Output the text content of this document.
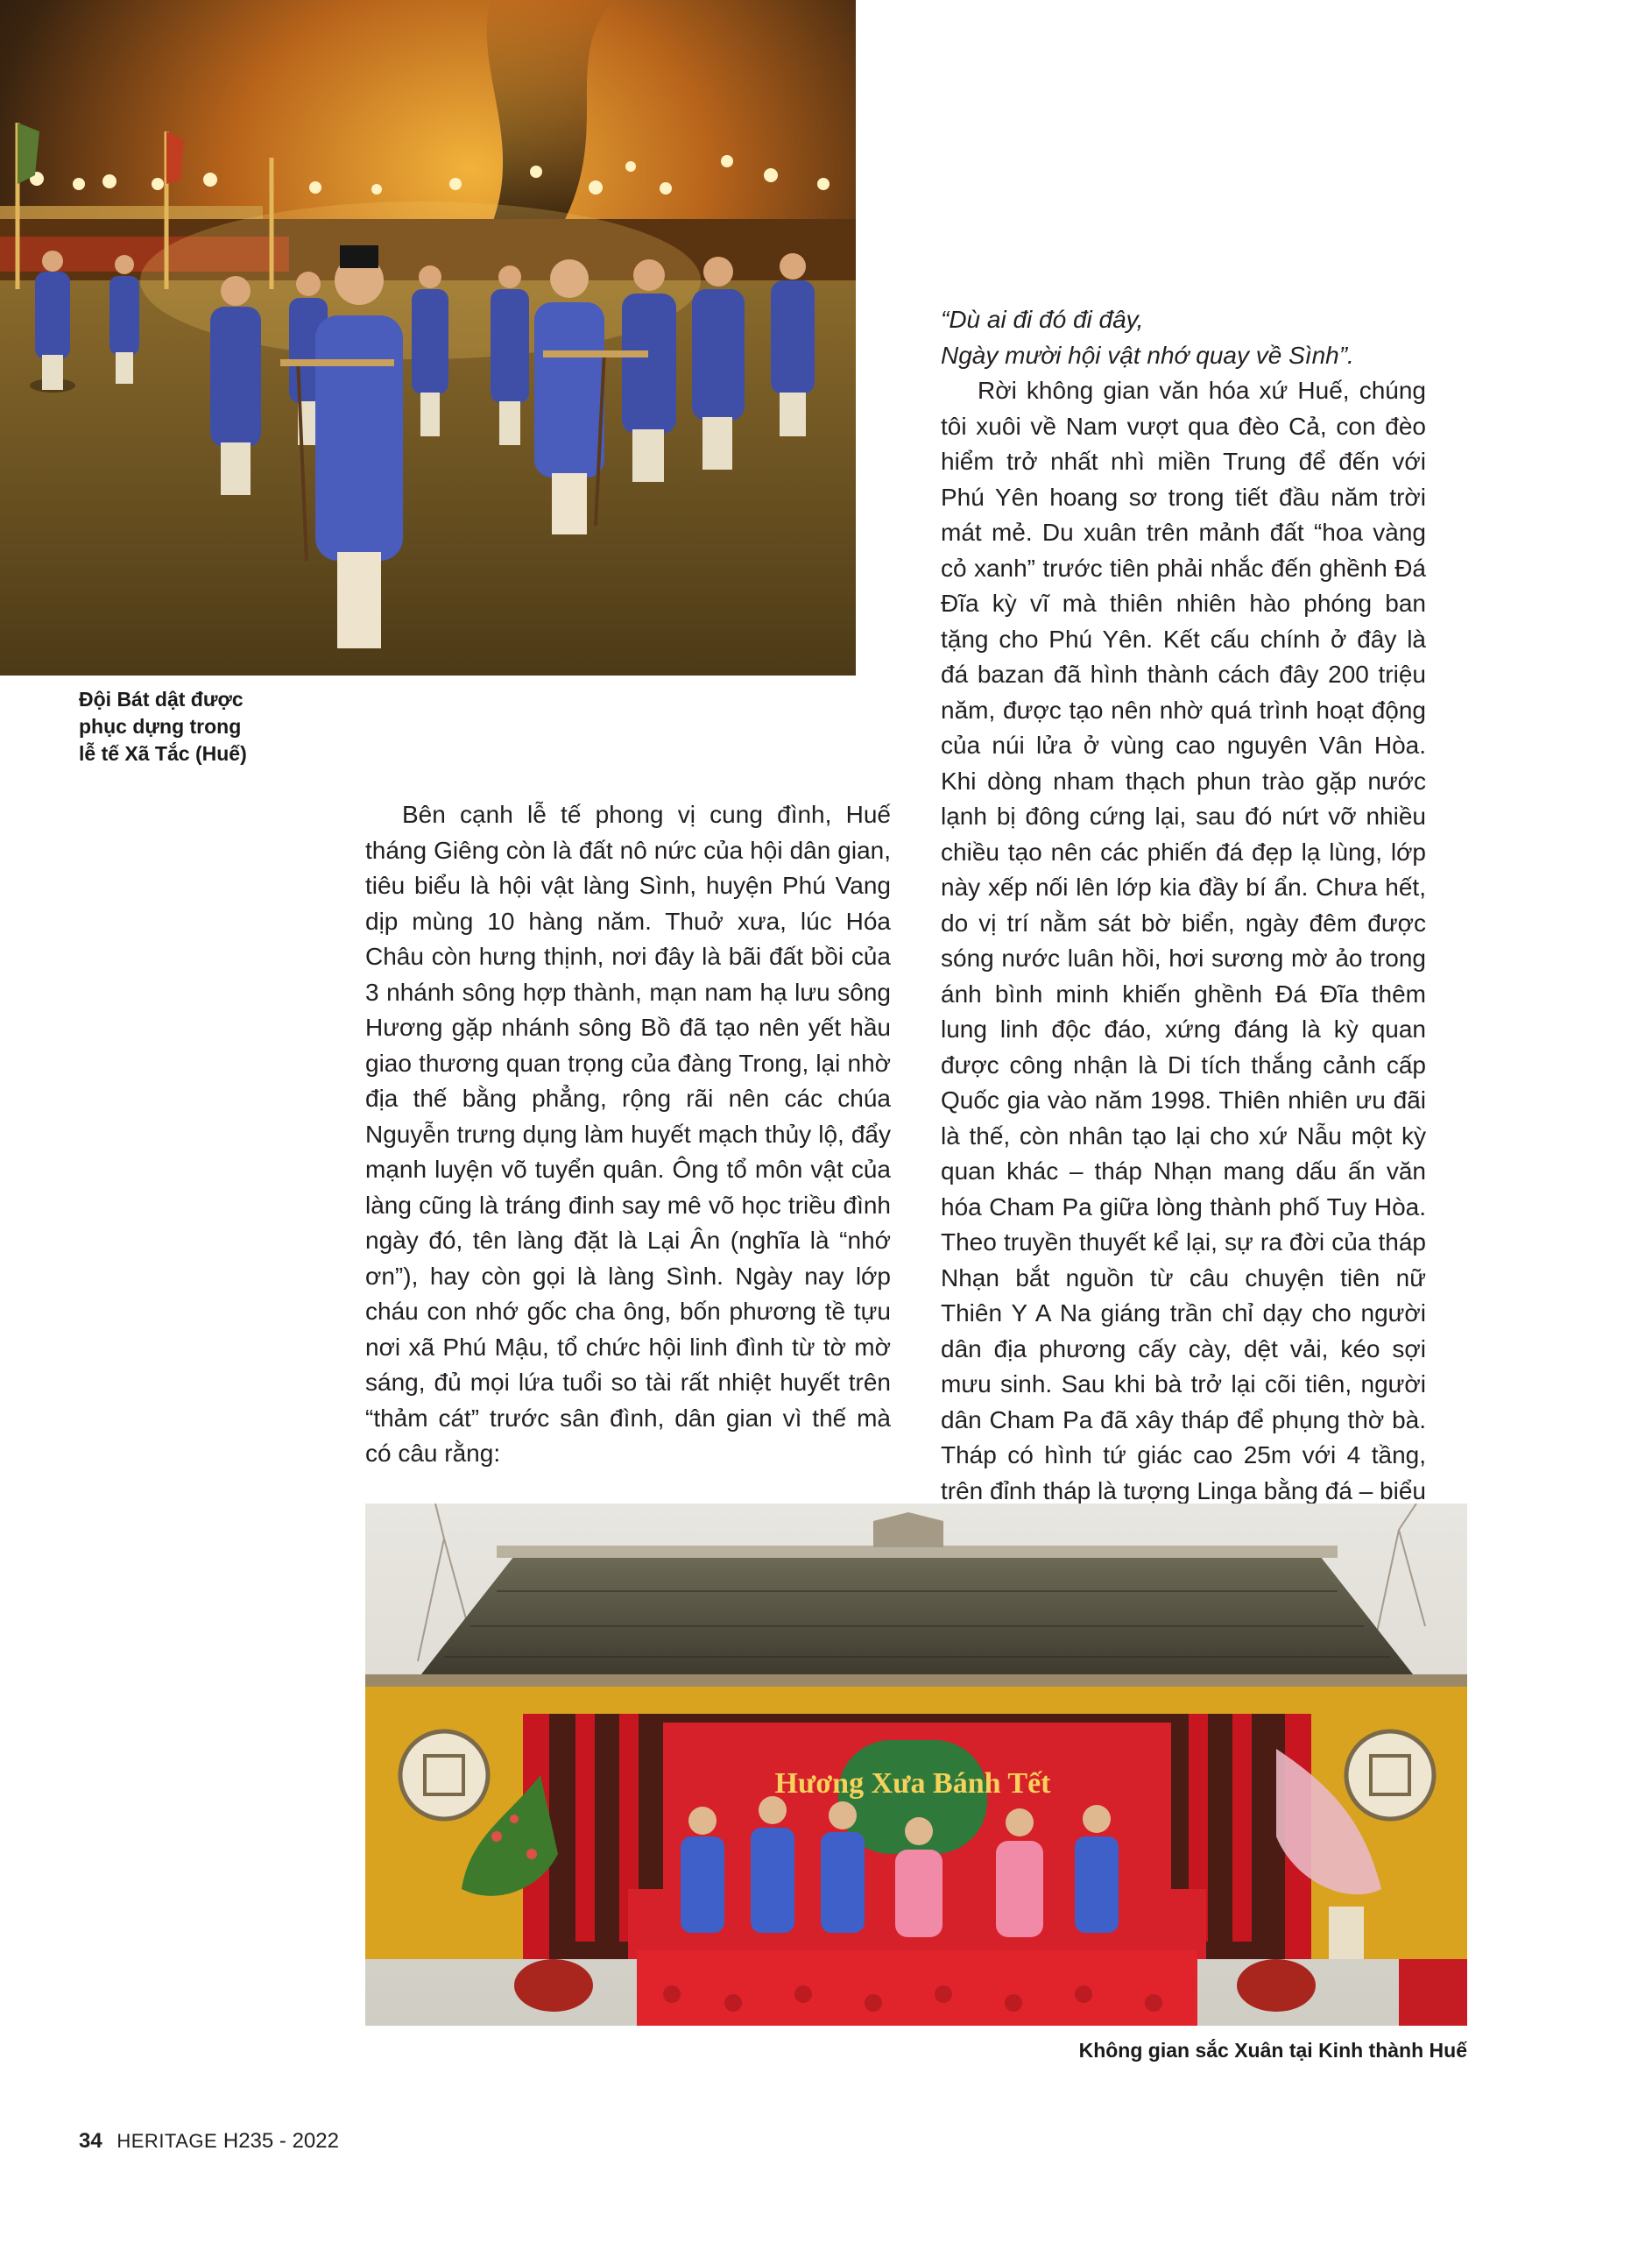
Đội Bát dật được phục dựng trong lễ tế Xã Tắc (Huế)

Bên cạnh lễ tế phong vị cung đình, Huế tháng Giêng còn là đất nô nức của hội dân gian, tiêu biểu là hội vật làng Sình, huyện Phú Vang dịp mùng 10 hàng năm. Thuở xưa, lúc Hóa Châu còn hưng thịnh, nơi đây là bãi đất bồi của 3 nhánh sông hợp thành, mạn nam hạ lưu sông Hương gặp nhánh sông Bồ đã tạo nên yết hầu giao thương quan trọng của đàng Trong, lại nhờ địa thế bằng phẳng, rộng rãi nên các chúa Nguyễn trưng dụng làm huyết mạch thủy lộ, đẩy mạnh luyện võ tuyển quân. Ông tổ môn vật của làng cũng là tráng đinh say mê võ học triều đình ngày đó, tên làng đặt là Lại Ân (nghĩa là “nhớ ơn”), hay còn gọi là làng Sình. Ngày nay lớp cháu con nhớ gốc cha ông, bốn phương tề tựu nơi xã Phú Mậu, tổ chức hội linh đình từ tờ mờ sáng, đủ mọi lứa tuổi so tài rất nhiệt huyết trên “thảm cát” trước sân đình, dân gian vì thế mà có câu rằng:

“Dù ai đi đó đi đây,

Ngày mười hội vật nhớ quay về Sình”.

Rời không gian văn hóa xứ Huế, chúng tôi xuôi về Nam vượt qua đèo Cả, con đèo hiểm trở nhất nhì miền Trung để đến với Phú Yên hoang sơ trong tiết đầu năm trời mát mẻ. Du xuân trên mảnh đất “hoa vàng cỏ xanh” trước tiên phải nhắc đến ghềnh Đá Đĩa kỳ vĩ mà thiên nhiên hào phóng ban tặng cho Phú Yên. Kết cấu chính ở đây là đá bazan đã hình thành cách đây 200 triệu năm, được tạo nên nhờ quá trình hoạt động của núi lửa ở vùng cao nguyên Vân Hòa. Khi dòng nham thạch phun trào gặp nước lạnh bị đông cứng lại, sau đó nứt vỡ nhiều chiều tạo nên các phiến đá đẹp lạ lùng, lớp này xếp nối lên lớp kia đầy bí ẩn. Chưa hết, do vị trí nằm sát bờ biển, ngày đêm được sóng nước luân hồi, hơi sương mờ ảo trong ánh bình minh khiến ghềnh Đá Đĩa thêm lung linh độc đáo, xứng đáng là kỳ quan được công nhận là Di tích thắng cảnh cấp Quốc gia vào năm 1998. Thiên nhiên ưu đãi là thế, còn nhân tạo lại cho xứ Nẫu một kỳ quan khác – tháp Nhạn mang dấu ấn văn hóa Cham Pa giữa lòng thành phố Tuy Hòa. Theo truyền thuyết kể lại, sự ra đời của tháp Nhạn bắt nguồn từ câu chuyện tiên nữ Thiên Y A Na giáng trần chỉ dạy cho người dân địa phương cấy cày, dệt vải, kéo sợi mưu sinh. Sau khi bà trở lại cõi tiên, người dân Cham Pa đã xây tháp để phụng thờ bà. Tháp có hình tứ giác cao 25m với 4 tầng, trên đỉnh tháp là tượng Linga bằng đá – biểu

Hương Xưa Bánh Tết
Không gian sắc Xuân tại Kinh thành Huế
34 HERITAGE H235 - 2022
